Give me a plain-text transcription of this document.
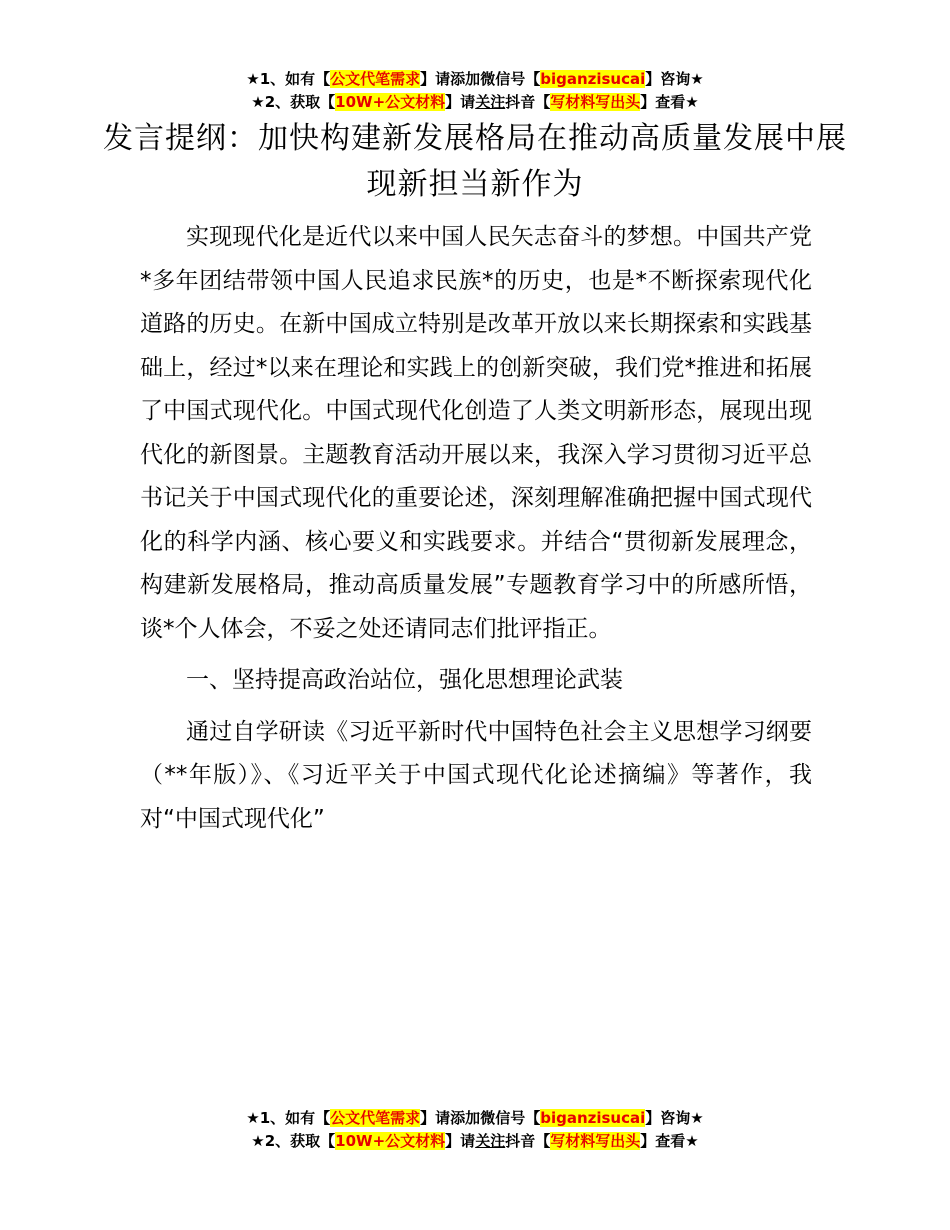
★1、如有【公文代笔需求】请添加微信号【biganzisucai】咨询★
★2、获取【10W+公文材料】请关注抖音【写材料写出头】查看★
发言提纲：加快构建新发展格局在推动高质量发展中展现新担当新作为

实现现代化是近代以来中国人民矢志奋斗的梦想。中国共产党*多年团结带领中国人民追求民族*的历史，也是*不断探索现代化道路的历史。在新中国成立特别是改革开放以来长期探索和实践基础上，经过*以来在理论和实践上的创新突破，我们党*推进和拓展了中国式现代化。中国式现代化创造了人类文明新形态，展现出现代化的新图景。主题教育活动开展以来，我深入学习贯彻习近平总书记关于中国式现代化的重要论述，深刻理解准确把握中国式现代化的科学内涵、核心要义和实践要求。并结合“贯彻新发展理念，构建新发展格局，推动高质量发展”专题教育学习中的所感所悟，谈*个人体会，不妥之处还请同志们批评指正。

一、坚持提高政治站位，强化思想理论武装

通过自学研读《习近平新时代中国特色社会主义思想学习纲要（**年版）》、《习近平关于中国式现代化论述摘编》等著作，我对“中国式现代化”

★1、如有【公文代笔需求】请添加微信号【biganzisucai】咨询★
★2、获取【10W+公文材料】请关注抖音【写材料写出头】查看★
